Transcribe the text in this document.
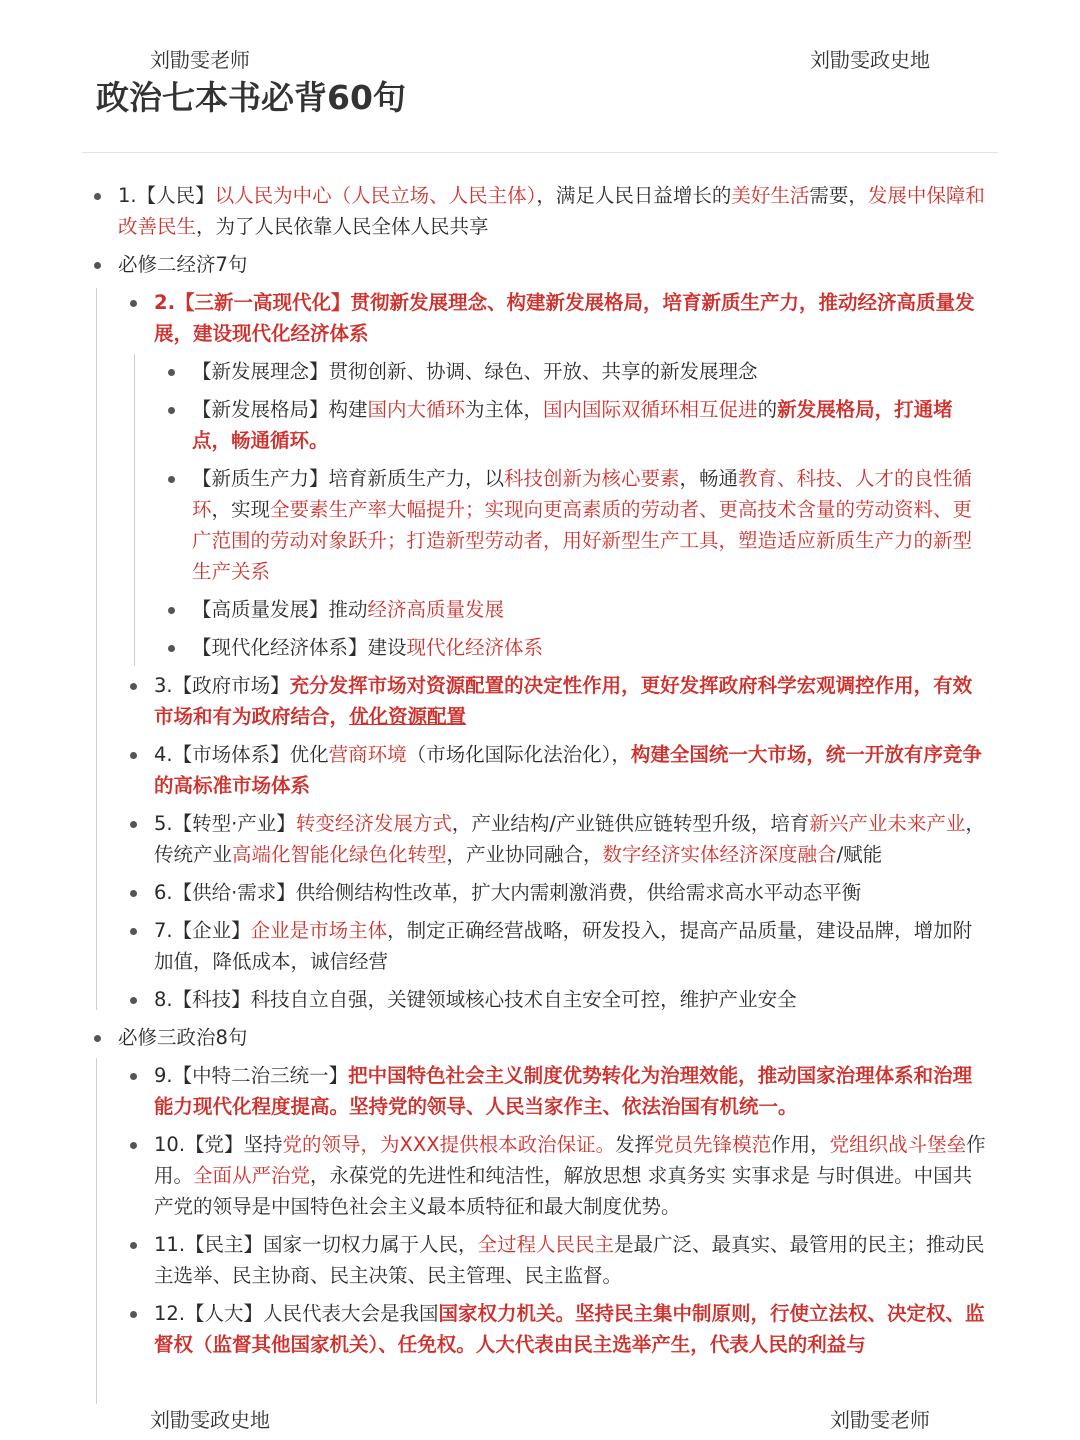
刘勖雯老师	刘勖雯政史地
政治七本书必背60句
1.【人民】以人民为中心（人民立场、人民主体），满足人民日益增长的美好生活需要，发展中保障和改善民生，为了人民依靠人民全体人民共享
必修二经济7句
2.【三新一高现代化】贯彻新发展理念、构建新发展格局，培育新质生产力，推动经济高质量发展，建设现代化经济体系
【新发展理念】贯彻创新、协调、绿色、开放、共享的新发展理念
【新发展格局】构建国内大循环为主体，国内国际双循环相互促进的新发展格局，打通堵点，畅通循环。
【新质生产力】培育新质生产力，以科技创新为核心要素，畅通教育、科技、人才的良性循环，实现全要素生产率大幅提升；实现向更高素质的劳动者、更高技术含量的劳动资料、更广范围的劳动对象跃升；打造新型劳动者，用好新型生产工具，塑造适应新质生产力的新型生产关系
【高质量发展】推动经济高质量发展
【现代化经济体系】建设现代化经济体系
3.【政府市场】充分发挥市场对资源配置的决定性作用，更好发挥政府科学宏观调控作用，有效市场和有为政府结合，优化资源配置
4.【市场体系】优化营商环境（市场化国际化法治化），构建全国统一大市场，统一开放有序竞争的高标准市场体系
5.【转型·产业】转变经济发展方式，产业结构/产业链供应链转型升级，培育新兴产业未来产业，传统产业高端化智能化绿色化转型，产业协同融合，数字经济实体经济深度融合/赋能
6.【供给·需求】供给侧结构性改革，扩大内需刺激消费，供给需求高水平动态平衡
7.【企业】企业是市场主体，制定正确经营战略，研发投入，提高产品质量，建设品牌，增加附加值，降低成本，诚信经营
8.【科技】科技自立自强，关键领域核心技术自主安全可控，维护产业安全
必修三政治8句
9.【中特二治三统一】把中国特色社会主义制度优势转化为治理效能，推动国家治理体系和治理能力现代化程度提高。坚持党的领导、人民当家作主、依法治国有机统一。
10.【党】坚持党的领导，为XXX提供根本政治保证。发挥党员先锋模范作用，党组织战斗堡垒作用。全面从严治党，永葆党的先进性和纯洁性，解放思想 求真务实 实事求是 与时俱进。中国共产党的领导是中国特色社会主义最本质特征和最大制度优势。
11.【民主】国家一切权力属于人民，全过程人民民主是最广泛、最真实、最管用的民主；推动民主选举、民主协商、民主决策、民主管理、民主监督。
12.【人大】人民代表大会是我国国家权力机关。坚持民主集中制原则，行使立法权、决定权、监督权（监督其他国家机关）、任免权。人大代表由民主选举产生，代表人民的利益与
刘勖雯政史地	刘勖雯老师
